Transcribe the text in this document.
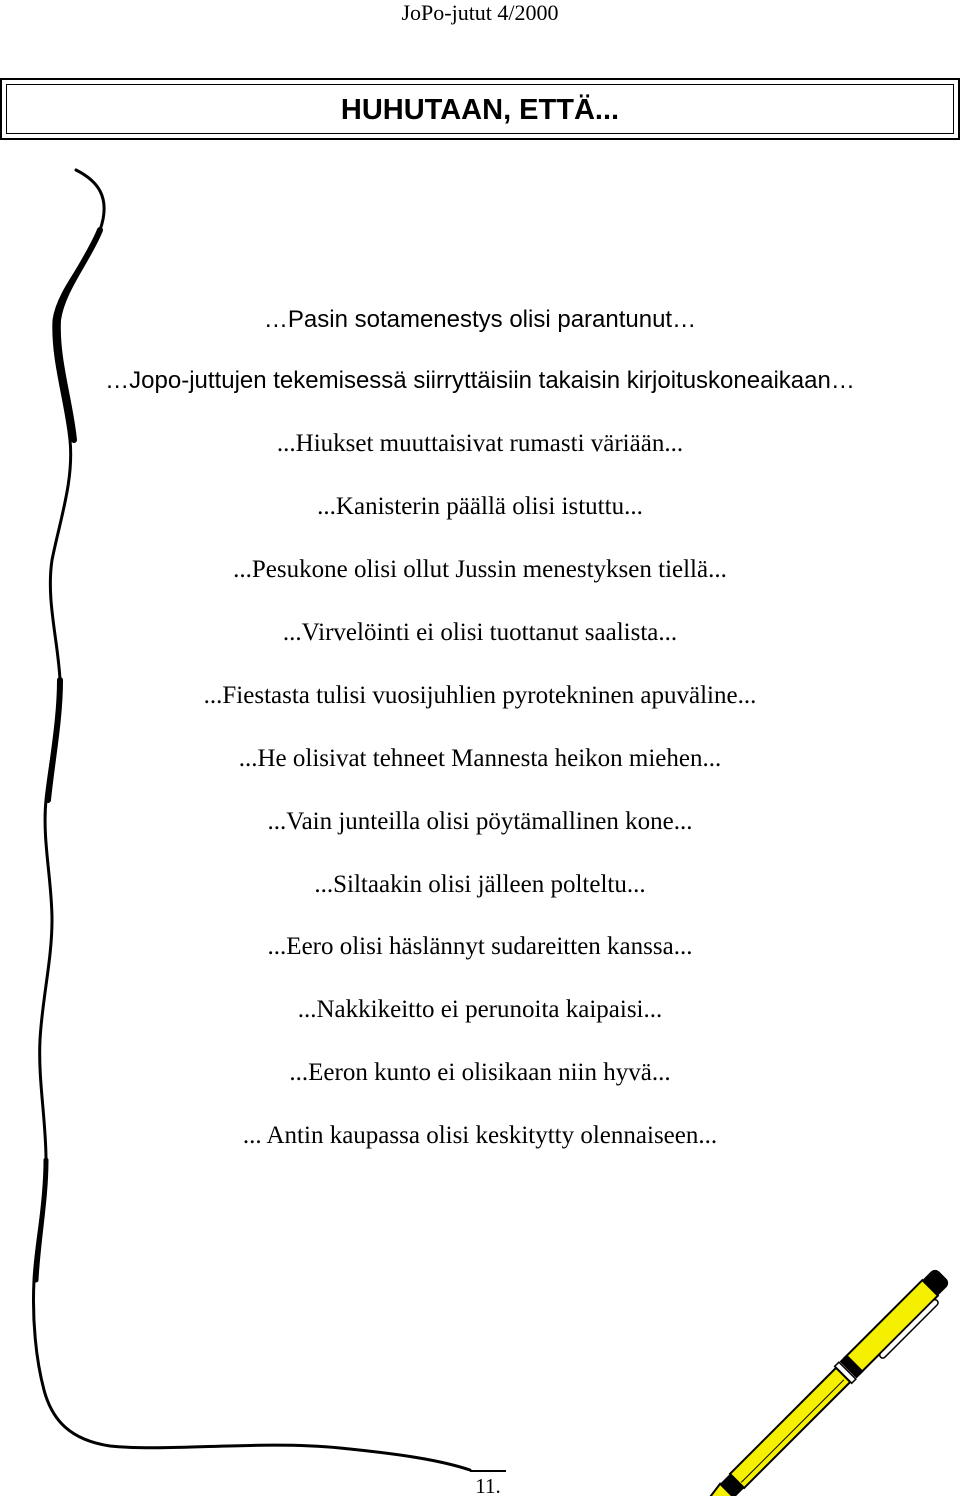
JoPo-jutut 4/2000
HUHUTAAN, ETTÄ...
…Pasin sotamenestys olisi parantunut…
…Jopo-juttujen tekemisessä siirryttäisiin takaisin kirjoituskoneaikaan…
...Hiukset muuttaisivat rumasti väriään...
...Kanisterin päällä olisi istuttu...
...Pesukone olisi ollut Jussin menestyksen tiellä...
...Virvelöinti ei olisi tuottanut saalista...
...Fiestasta tulisi vuosijuhlien pyrotekninen apuväline...
...He olisivat tehneet Mannesta heikon miehen...
...Vain junteilla olisi pöytämallinen kone...
...Siltaakin olisi jälleen polteltu...
...Eero olisi häslännyt sudareitten kanssa...
...Nakkikeitto ei perunoita kaipaisi...
...Eeron kunto ei olisikaan niin hyvä...
... Antin kaupassa olisi keskitytty olennaiseen...
11.
